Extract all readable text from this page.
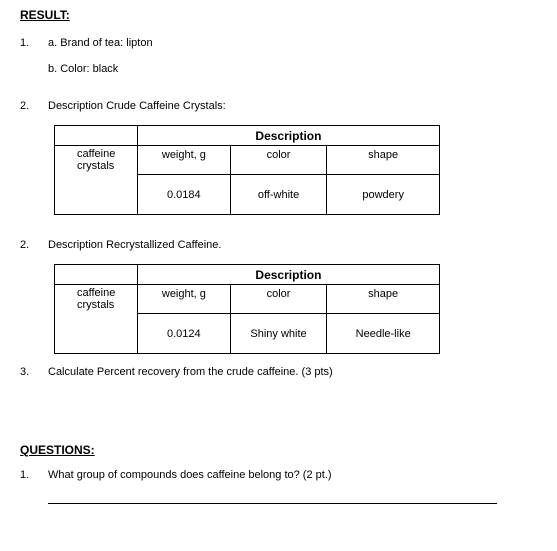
RESULT:
1. a. Brand of tea: lipton
b. Color: black
2. Description Crude Caffeine Crystals:
	Description		
caffeine crystals	weight, g	color	shape
	0.0184	off-white	powdery
2. Description Recrystallized Caffeine.
	Description		
caffeine crystals	weight, g	color	shape
	0.0124	Shiny white	Needle-like
3. Calculate Percent recovery from the crude caffeine. (3 pts)
QUESTIONS:
1. What group of compounds does caffeine belong to? (2 pt.)
